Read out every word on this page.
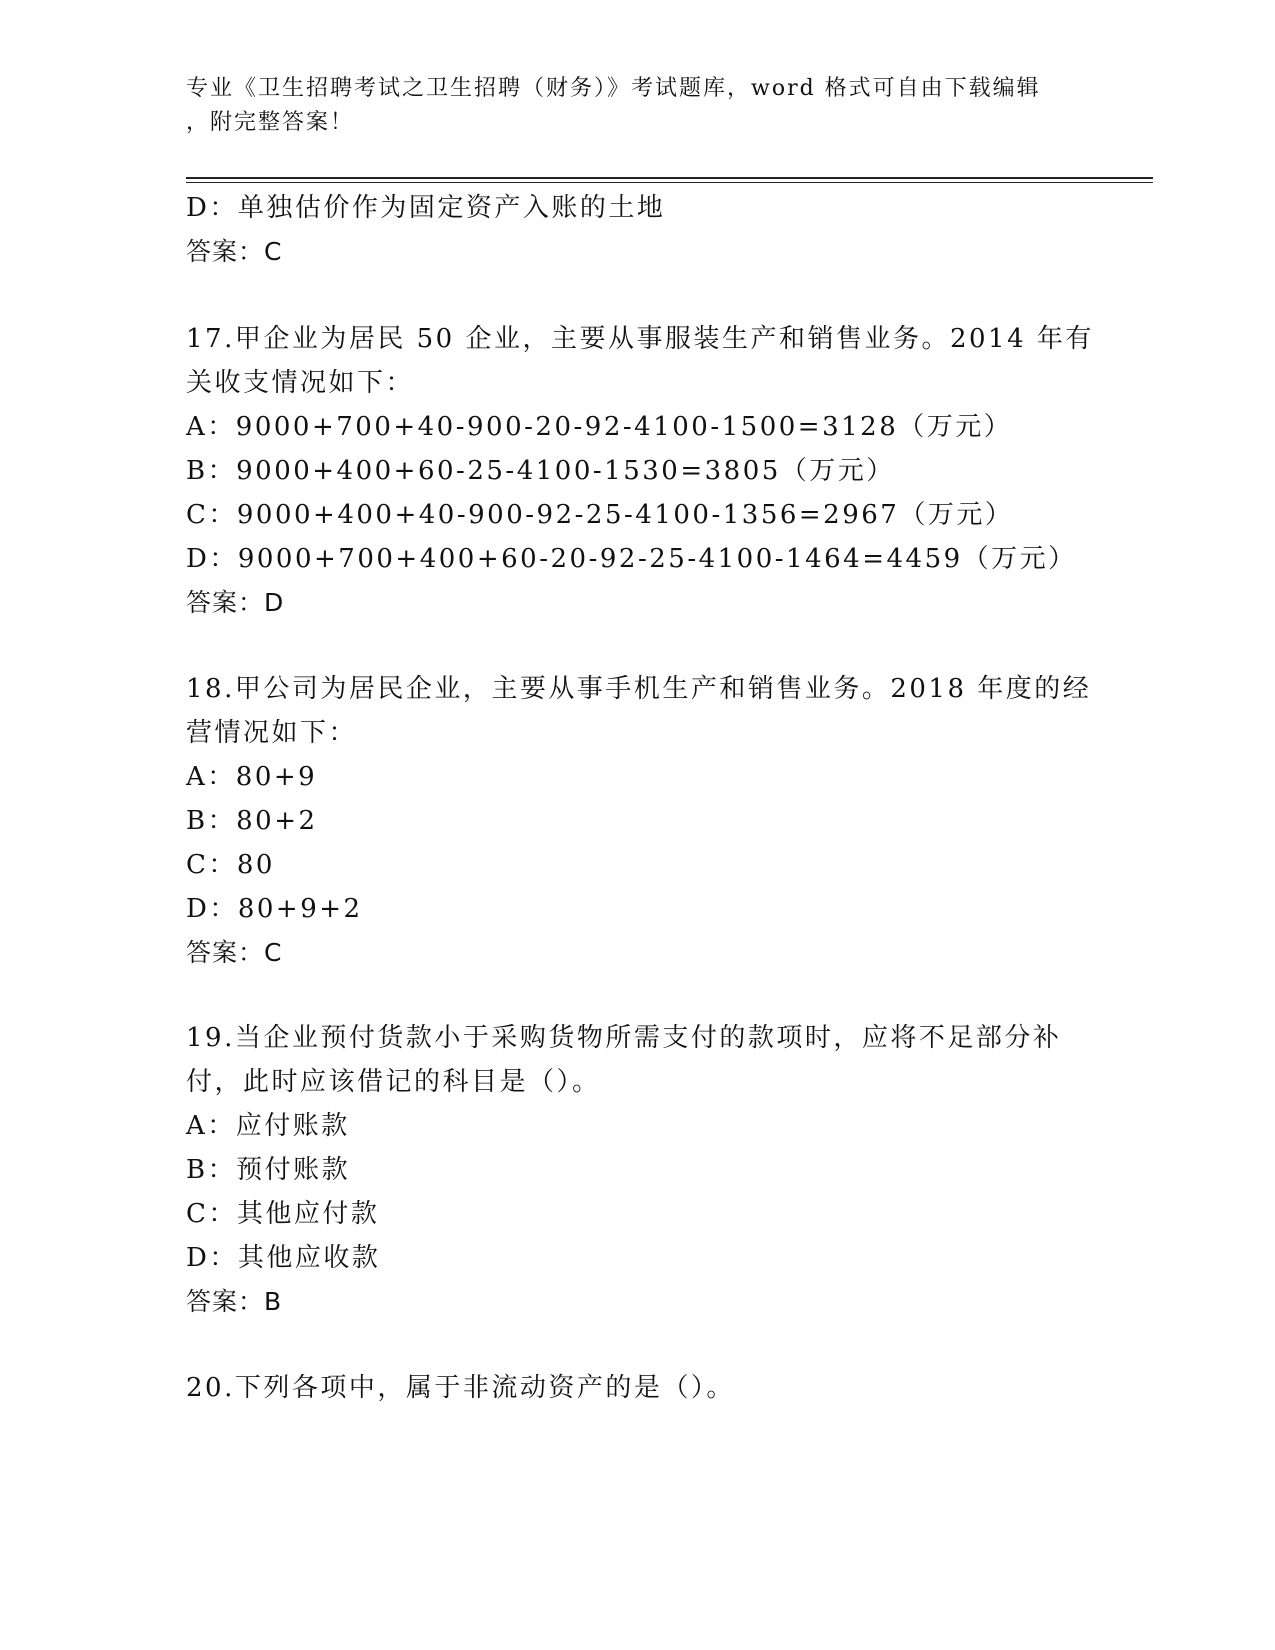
专业《卫生招聘考试之卫生招聘（财务）》考试题库，word 格式可自由下载编辑
，附完整答案！
D：单独估价作为固定资产入账的土地
答案：C
17.甲企业为居民 50 企业，主要从事服装生产和销售业务。2014 年有
关收支情况如下：
A：9000+700+40-900-20-92-4100-1500=3128（万元）
B：9000+400+60-25-4100-1530=3805（万元）
C：9000+400+40-900-92-25-4100-1356=2967（万元）
D：9000+700+400+60-20-92-25-4100-1464=4459（万元）
答案：D
18.甲公司为居民企业，主要从事手机生产和销售业务。2018 年度的经
营情况如下：
A：80+9
B：80+2
C：80
D：80+9+2
答案：C
19.当企业预付货款小于采购货物所需支付的款项时，应将不足部分补
付，此时应该借记的科目是（）。
A：应付账款
B：预付账款
C：其他应付款
D：其他应收款
答案：B
20.下列各项中，属于非流动资产的是（）。
